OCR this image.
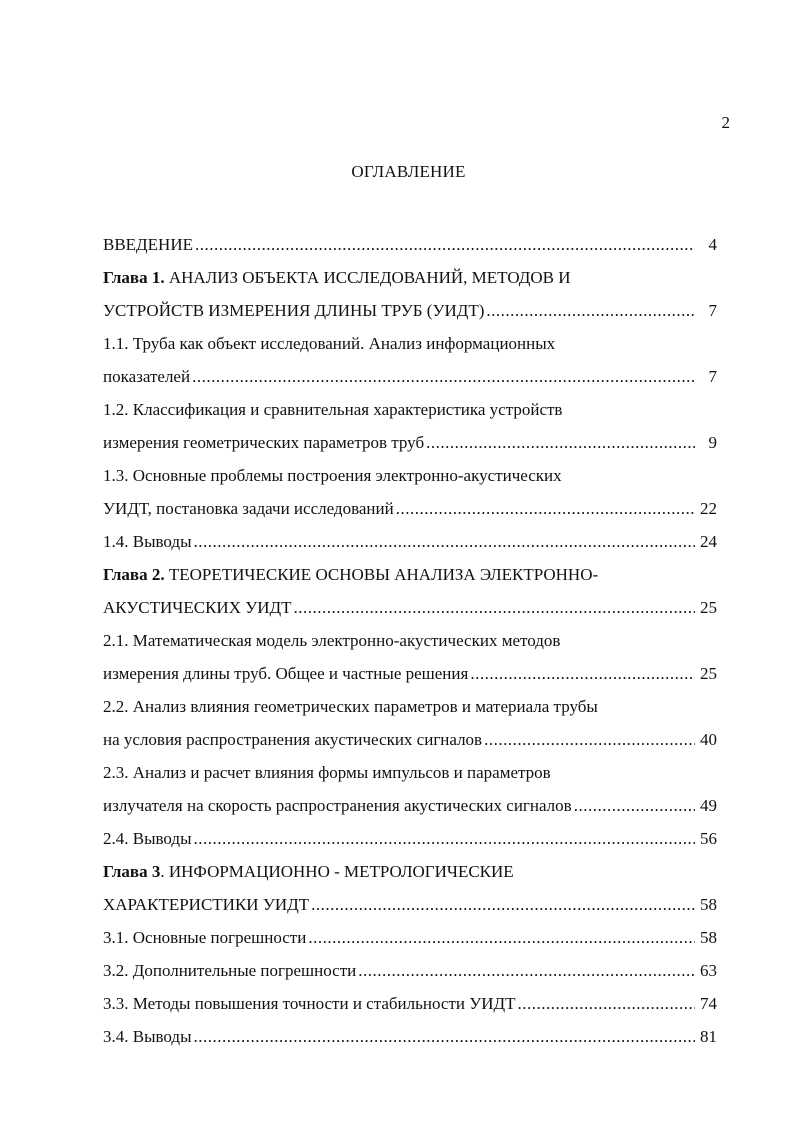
2
ОГЛАВЛЕНИЕ
ВВЕДЕНИЕ .....	4
Глава 1. АНАЛИЗ ОБЪЕКТА ИССЛЕДОВАНИЙ, МЕТОДОВ И
УСТРОЙСТВ ИЗМЕРЕНИЯ ДЛИНЫ ТРУБ (УИДТ) .....	7
1.1. Труба как объект исследований. Анализ информационных
показателей .....	7
1.2. Классификация и сравнительная характеристика устройств
измерения геометрических параметров труб .....	9
1.3. Основные проблемы построения электронно-акустических
УИДТ, постановка задачи исследований .....	22
1.4. Выводы .....	24
Глава 2. ТЕОРЕТИЧЕСКИЕ ОСНОВЫ АНАЛИЗА ЭЛЕКТРОННО-
АКУСТИЧЕСКИХ УИДТ .....	25
2.1. Математическая модель электронно-акустических методов
измерения длины труб. Общее и частные решения .....	25
2.2. Анализ влияния геометрических параметров и материала трубы
на условия распространения акустических сигналов .....	40
2.3. Анализ и расчет влияния формы импульсов и параметров
излучателя на скорость распространения акустических сигналов .....	49
2.4. Выводы .....	56
Глава 3. ИНФОРМАЦИОННО - МЕТРОЛОГИЧЕСКИЕ
ХАРАКТЕРИСТИКИ УИДТ .....	58
3.1. Основные погрешности .....	58
3.2. Дополнительные погрешности .....	63
3.3. Методы повышения точности и стабильности УИДТ .....	74
3.4. Выводы .....	81
